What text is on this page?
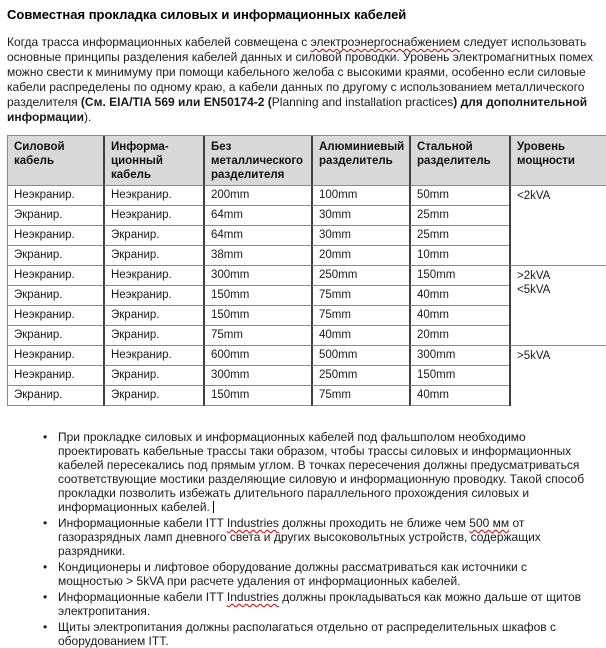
Совместная прокладка силовых и информационных кабелей

Когда трасса информационных кабелей совмещена с электроэнергоснабжением следует использовать основные принципы разделения кабелей данных и силовой проводки. Уровень электромагнитных помех можно свести к минимуму при помощи кабельного желоба с высокими краями, особенно если силовые кабели распределены по одному краю, а кабели данных по другому с использованием металлического разделителя (См. EIA/TIA 569 или EN50174-2 (Planning and installation practices) для дополнительной информации).

Силовой кабель	Информа-ционный кабель	Без металлического разделителя	Алюминиевый разделитель	Стальной разделитель	Уровень мощности
Неэкранир.	Неэкранир.	200mm	100mm	50mm	<2kVA

Экранир.	Неэкранир.	64mm	30mm	25mm	
Неэкранир.	Экранир.	64mm	30mm	25mm	
Экранир.	Экранир.	38mm	20mm	10mm	
Неэкранир.	Неэкранир.	300mm	250mm	150mm	>2kVA
<5kVA

Экранир.	Неэкранир.	150mm	75mm	40mm	
Неэкранир.	Экранир.	150mm	75mm	40mm	
Экранир.	Экранир.	75mm	40mm	20mm	
Неэкранир.	Неэкранир.	600mm	500mm	300mm	>5kVA

Неэкранир.	Экранир.	300mm	250mm	150mm	
Экранир.	Экранир.	150mm	75mm	40mm	
• При прокладке силовых и информационных кабелей под фальшполом необходимо проектировать кабельные трассы таки образом, чтобы трассы силовых и информационных кабелей пересекались под прямым углом. В точках пересечения должны предусматриваться соответствующие мостики разделяющие силовую и информационную проводку. Такой способ прокладки позволить избежать длительного параллельного прохождения силовых и информационных кабелей.
• Информационные кабели ITT Industries должны проходить не ближе чем 500 мм от газоразрядных ламп дневного света и других высоковольтных устройств, содержащих разрядники.
• Кондиционеры и лифтовое оборудование должны рассматриваться как источники с мощностью > 5kVA при расчете удаления от информационных кабелей.
• Информационные кабели ITT Industries должны прокладываться как можно дальше от щитов электропитания.
• Щиты электропитания должны располагаться отдельно от распределительных шкафов с оборудованием ITT.
